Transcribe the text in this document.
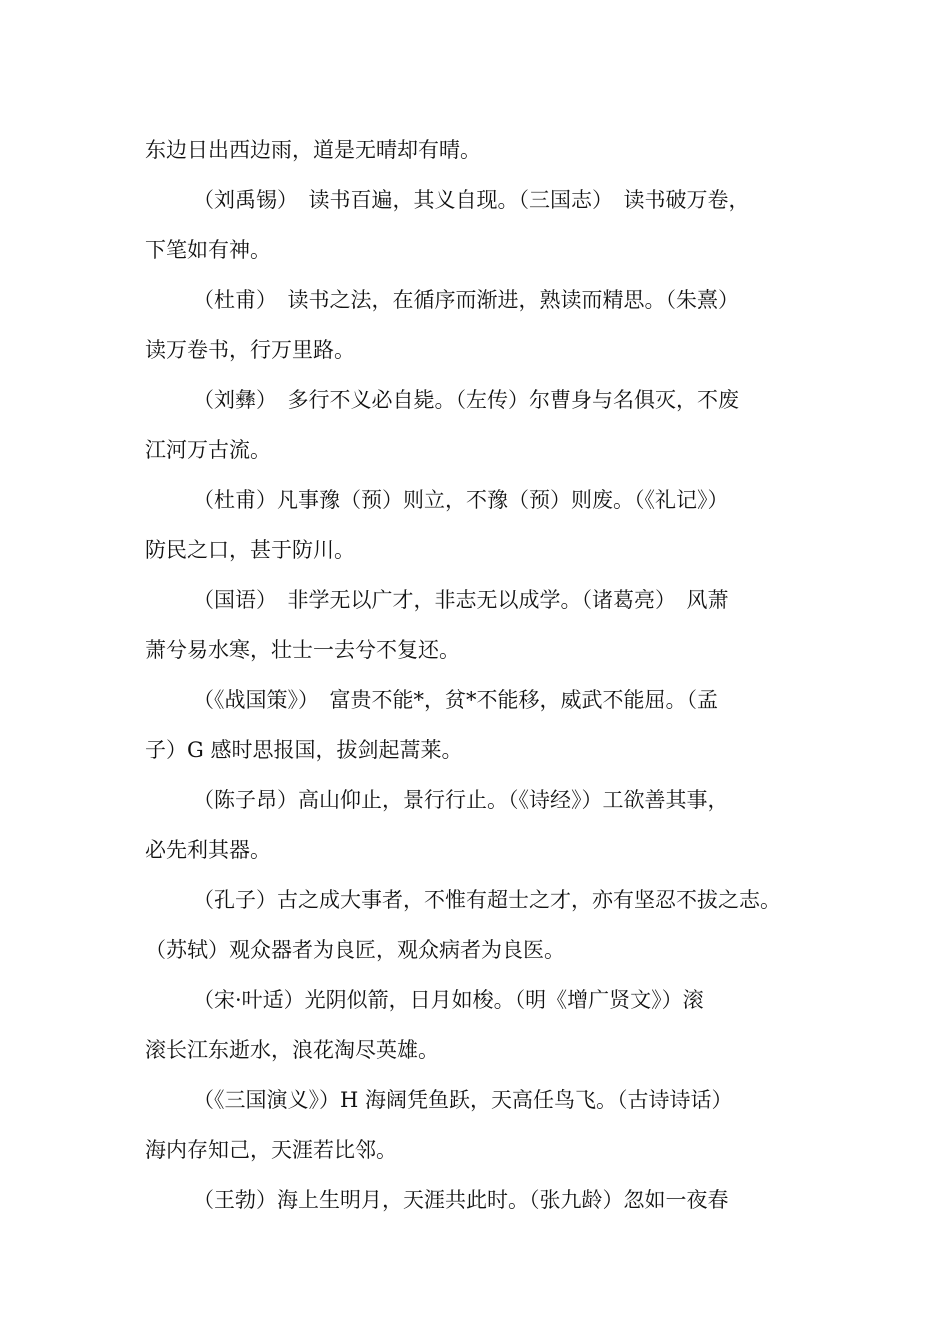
东边日出西边雨，道是无晴却有晴。
（刘禹锡）　读书百遍，其义自现。（三国志）　读书破万卷，
下笔如有神。
（杜甫）　读书之法，在循序而渐进，熟读而精思。（朱熹）
读万卷书，行万里路。
（刘彝）　多行不义必自毙。（左传）尔曹身与名俱灭，不废
江河万古流。
（杜甫）凡事豫（预）则立，不豫（预）则废。（《礼记》）
防民之口，甚于防川。
（国语）　非学无以广才，非志无以成学。（诸葛亮）　风萧
萧兮易水寒，壮士一去兮不复还。
（《战国策》）　富贵不能*，贫*不能移，威武不能屈。（孟
子）G 感时思报国，拔剑起蒿莱。
（陈子昂）高山仰止，景行行止。（《诗经》）工欲善其事，
必先利其器。
（孔子）古之成大事者，不惟有超士之才，亦有坚忍不拔之志。
（苏轼）观众器者为良匠，观众病者为良医。
（宋·叶适）光阴似箭，日月如梭。（明《增广贤文》）滚
滚长江东逝水，浪花淘尽英雄。
（《三国演义》）H 海阔凭鱼跃，天高任鸟飞。（古诗诗话）
海内存知己，天涯若比邻。
（王勃）海上生明月，天涯共此时。（张九龄）忽如一夜春
